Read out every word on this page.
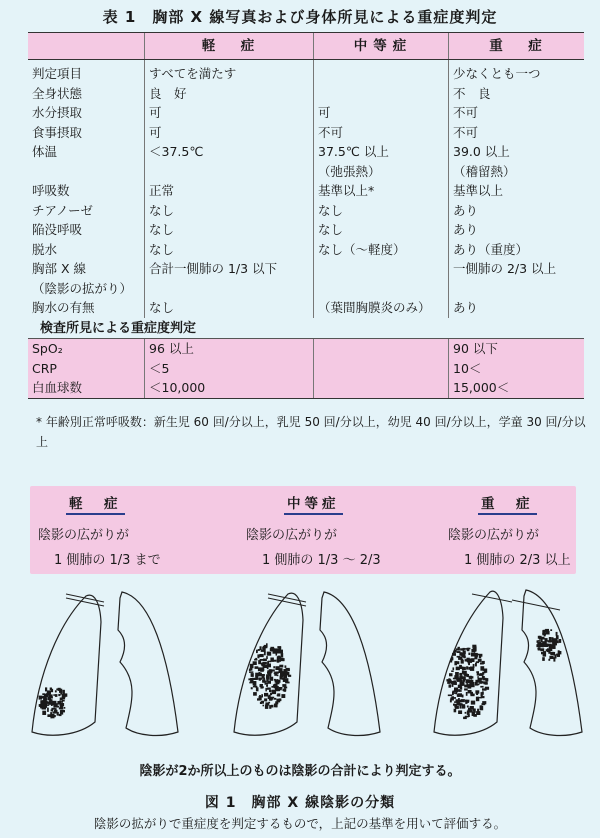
表 1　胸部 X 線写真および身体所見による重症度判定
	軽　症	中等症	重　症
判定項目	すべてを満たす		少なくとも一つ
全身状態	良　好		不　良
水分摂取	可	可	不可
食事摂取	可	不可	不可
体温	＜37.5℃	37.5℃ 以上	39.0 以上
		（弛張熱）	（稽留熱）
呼吸数	正常	基準以上*	基準以上
チアノーゼ	なし	なし	あり
陥没呼吸	なし	なし	あり
脱水	なし	なし（～軽度）	あり（重度）
胸部 X 線	合計一側肺の 1/3 以下		一側肺の 2/3 以上
（陰影の拡がり）			
胸水の有無	なし	（葉間胸膜炎のみ）	あり
検査所見による重症度判定			
SpO₂	96 以上		90 以下
CRP	＜5		10＜
白血球数	＜10,000		15,000＜
* 年齢別正常呼吸数：新生児 60 回/分以上，乳児 50 回/分以上，幼児 40 回/分以上，学童 30 回/分以上
軽　症
陰影の広がりが
1 側肺の 1/3 まで
中等症
陰影の広がりが
1 側肺の 1/3 ～ 2/3
重　症
陰影の広がりが
1 側肺の 2/3 以上
陰影が2か所以上のものは陰影の合計により判定する。
図 1　胸部 X 線陰影の分類
陰影の拡がりで重症度を判定するもので，上記の基準を用いて評価する。
